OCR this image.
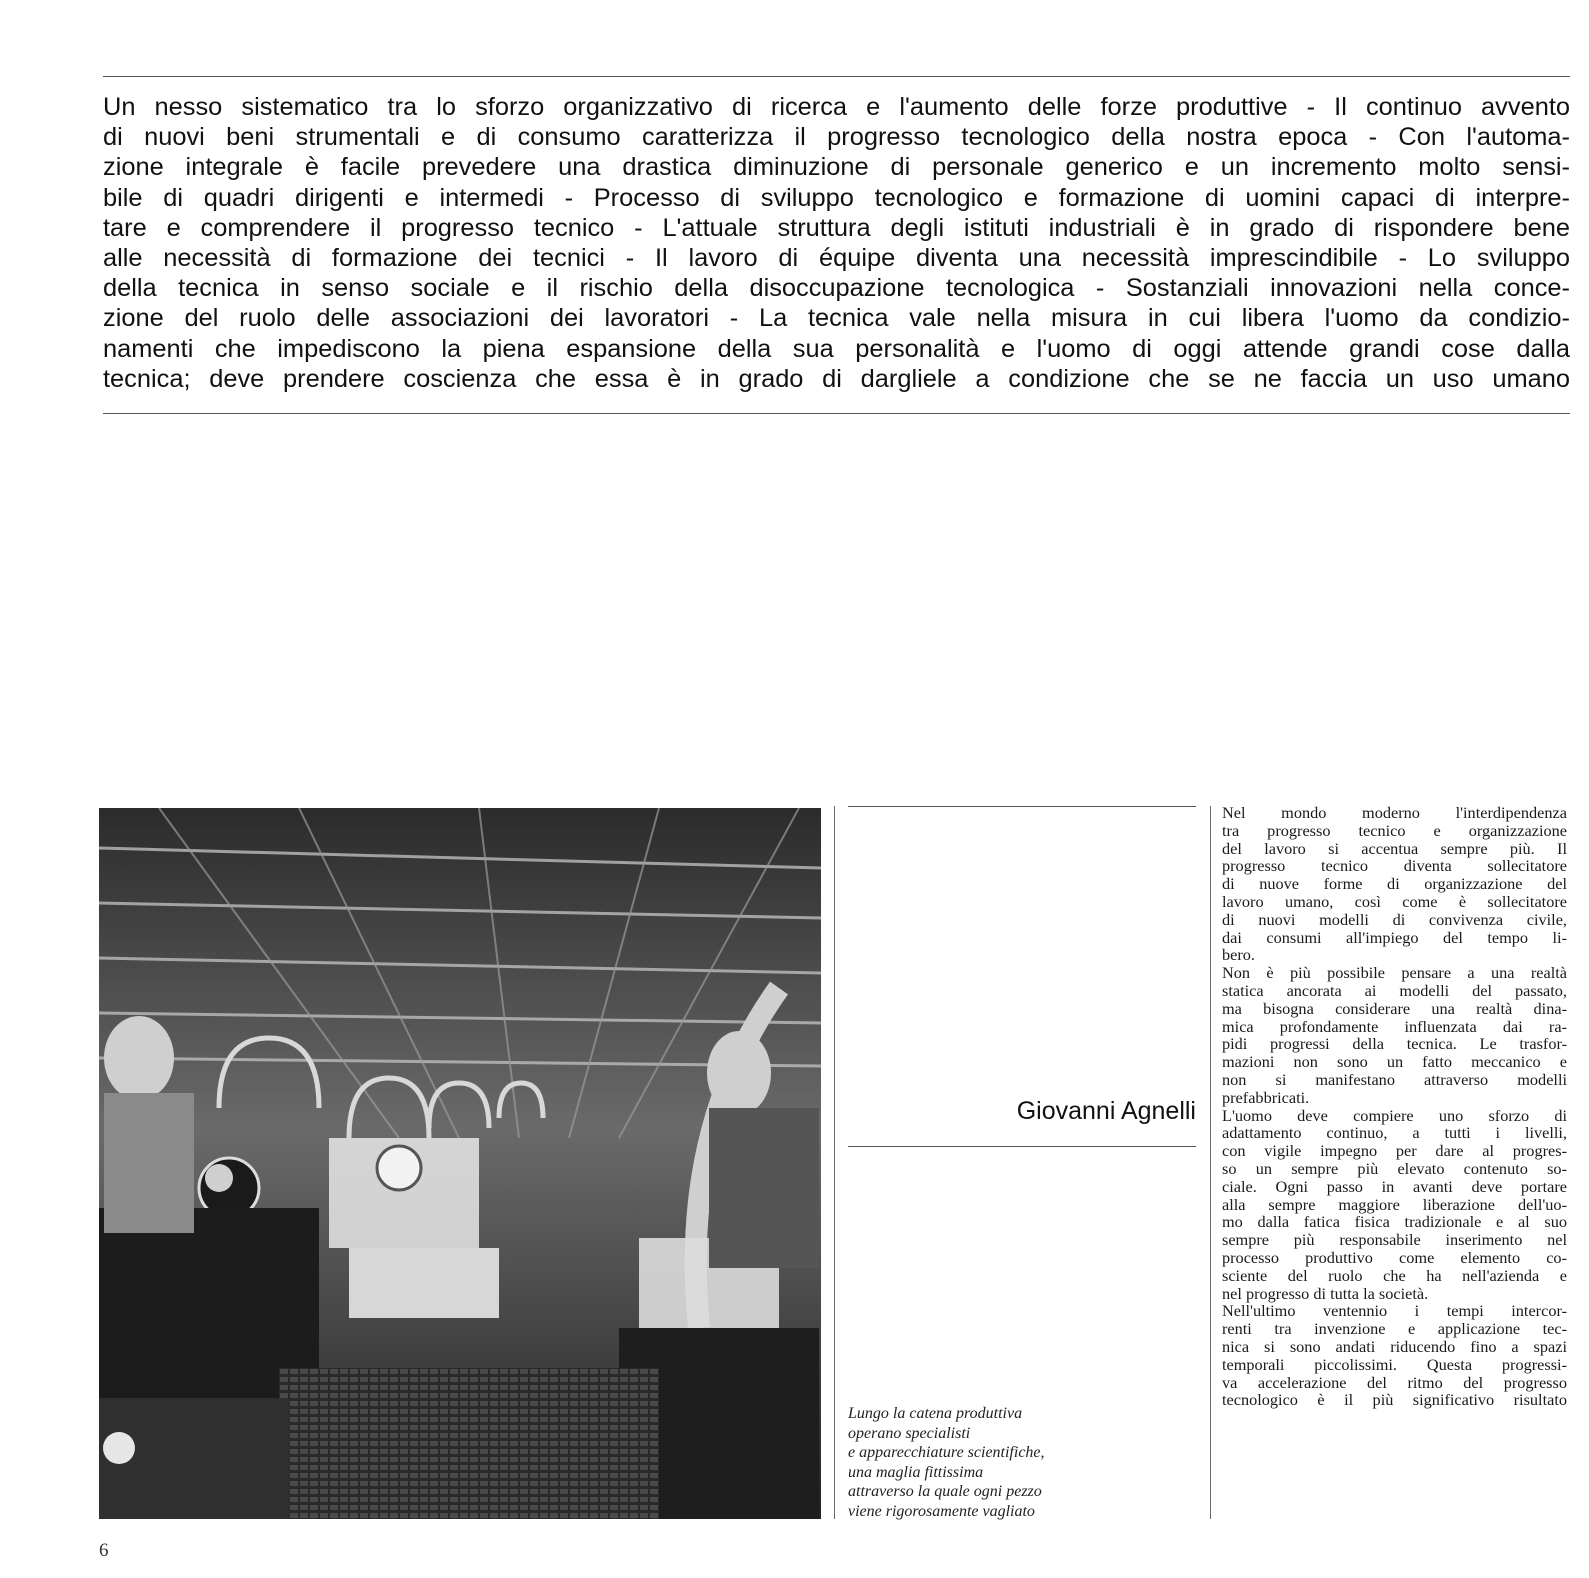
Un nesso sistematico tra lo sforzo organizzativo di ricerca e l'aumento delle forze produttive - Il continuo avvento
di nuovi beni strumentali e di consumo caratterizza il progresso tecnologico della nostra epoca - Con l'automa-
zione integrale è facile prevedere una drastica diminuzione di personale generico e un incremento molto sensi-
bile di quadri dirigenti e intermedi - Processo di sviluppo tecnologico e formazione di uomini capaci di interpre-
tare e comprendere il progresso tecnico - L'attuale struttura degli istituti industriali è in grado di rispondere bene
alle necessità di formazione dei tecnici - Il lavoro di équipe diventa una necessità imprescindibile - Lo sviluppo
della tecnica in senso sociale e il rischio della disoccupazione tecnologica - Sostanziali innovazioni nella conce-
zione del ruolo delle associazioni dei lavoratori - La tecnica vale nella misura in cui libera l'uomo da condizio-
namenti che impediscono la piena espansione della sua personalità e l'uomo di oggi attende grandi cose dalla
tecnica; deve prendere coscienza che essa è in grado di dargliele a condizione che se ne faccia un uso umano
Giovanni Agnelli
Lungo la catena produttiva
operano specialisti
e apparecchiature scientifiche,
una maglia fittissima
attraverso la quale ogni pezzo
viene rigorosamente vagliato
Nel mondo moderno l'interdipendenza
tra progresso tecnico e organizzazione
del lavoro si accentua sempre più. Il
progresso tecnico diventa sollecitatore
di nuove forme di organizzazione del
lavoro umano, così come è sollecitatore
di nuovi modelli di convivenza civile,
dai consumi all'impiego del tempo li-
bero.
Non è più possibile pensare a una realtà
statica ancorata ai modelli del passato,
ma bisogna considerare una realtà dina-
mica profondamente influenzata dai ra-
pidi progressi della tecnica. Le trasfor-
mazioni non sono un fatto meccanico e
non si manifestano attraverso modelli
prefabbricati.
L'uomo deve compiere uno sforzo di
adattamento continuo, a tutti i livelli,
con vigile impegno per dare al progres-
so un sempre più elevato contenuto so-
ciale. Ogni passo in avanti deve portare
alla sempre maggiore liberazione dell'uo-
mo dalla fatica fisica tradizionale e al suo
sempre più responsabile inserimento nel
processo produttivo come elemento co-
sciente del ruolo che ha nell'azienda e
nel progresso di tutta la società.
Nell'ultimo ventennio i tempi intercor-
renti tra invenzione e applicazione tec-
nica si sono andati riducendo fino a spazi
temporali piccolissimi. Questa progressi-
va accelerazione del ritmo del progresso
tecnologico è il più significativo risultato
6
